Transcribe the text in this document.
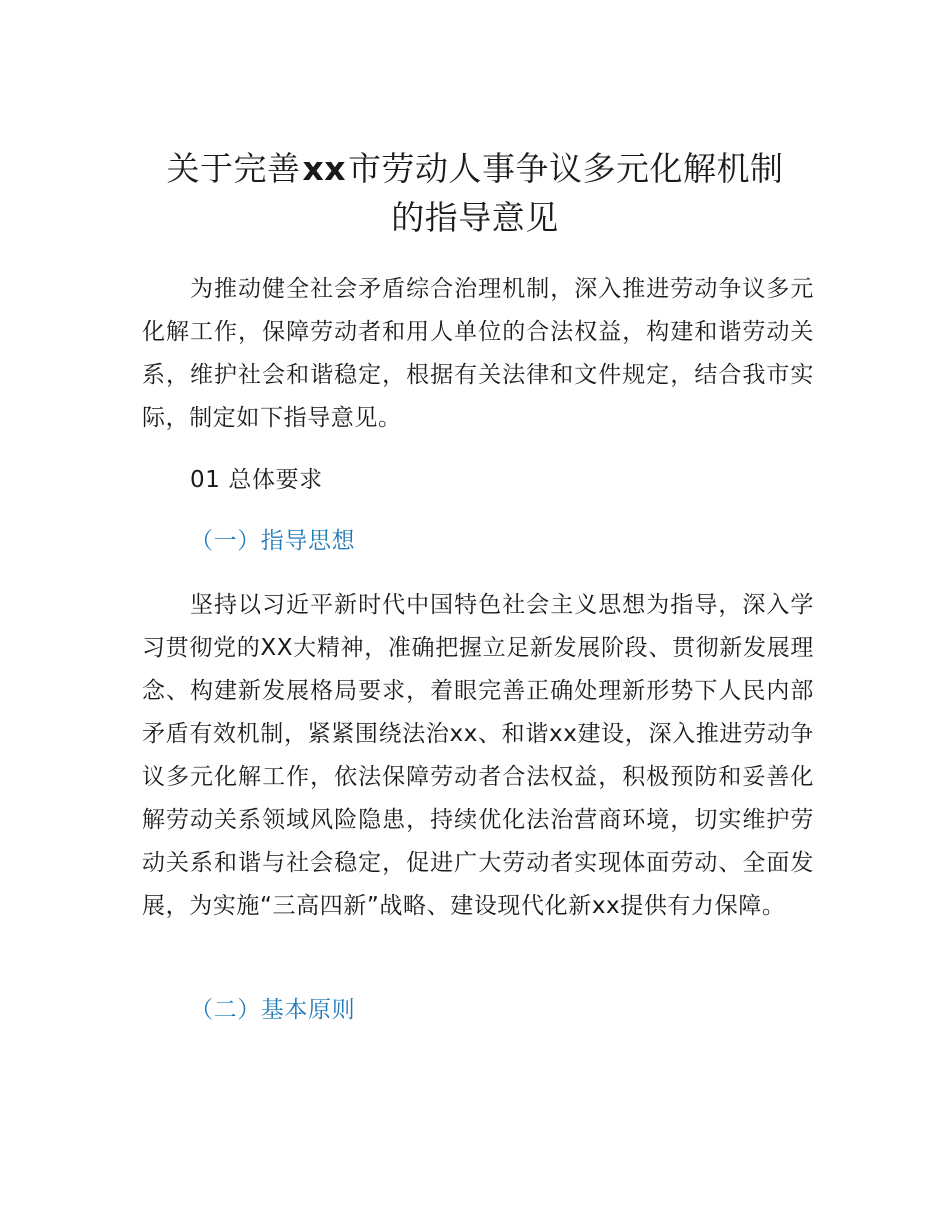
关于完善xx市劳动人事争议多元化解机制
的指导意见

为推动健全社会矛盾综合治理机制，深入推进劳动争议多元化解工作，保障劳动者和用人单位的合法权益，构建和谐劳动关系，维护社会和谐稳定，根据有关法律和文件规定，结合我市实际，制定如下指导意见。

01 总体要求

（一）指导思想

坚持以习近平新时代中国特色社会主义思想为指导，深入学习贯彻党的XX大精神，准确把握立足新发展阶段、贯彻新发展理念、构建新发展格局要求，着眼完善正确处理新形势下人民内部矛盾有效机制，紧紧围绕法治xx、和谐xx建设，深入推进劳动争议多元化解工作，依法保障劳动者合法权益，积极预防和妥善化解劳动关系领域风险隐患，持续优化法治营商环境，切实维护劳动关系和谐与社会稳定，促进广大劳动者实现体面劳动、全面发展，为实施“三高四新”战略、建设现代化新xx提供有力保障。

（二）基本原则
